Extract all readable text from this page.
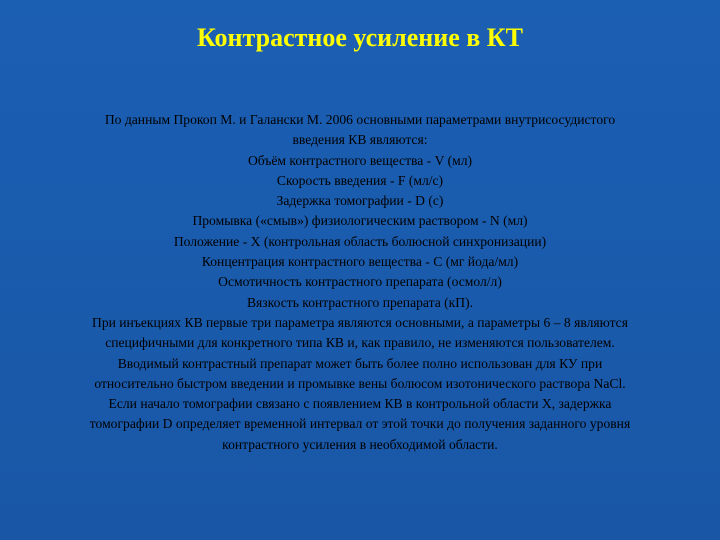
Контрастное усиление в КТ
По данным Прокоп М. и Галански М. 2006 основными параметрами внутрисосудистого
введения КВ являются:
Объём контрастного вещества - V (мл)
Скорость введения - F (мл/с)
Задержка томографии - D (с)
Промывка («смыв») физиологическим раствором - N (мл)
Положение - Х (контрольная область болюсной синхронизации)
Концентрация контрастного вещества - С (мг йода/мл)
Осмотичность контрастного препарата (осмол/л)
Вязкость контрастного препарата (кП).
При инъекциях КВ первые три параметра являются основными, а параметры 6 – 8 являются
специфичными для конкретного типа КВ и, как правило, не изменяются пользователем.
Вводимый контрастный препарат может быть более полно использован для КУ при
относительно быстром введении и промывке вены болюсом изотонического раствора NaCl.
Если начало томографии связано с появлением КВ в контрольной области Х, задержка
томографии D определяет временной интервал от этой точки до получения заданного уровня
контрастного усиления в необходимой области.
